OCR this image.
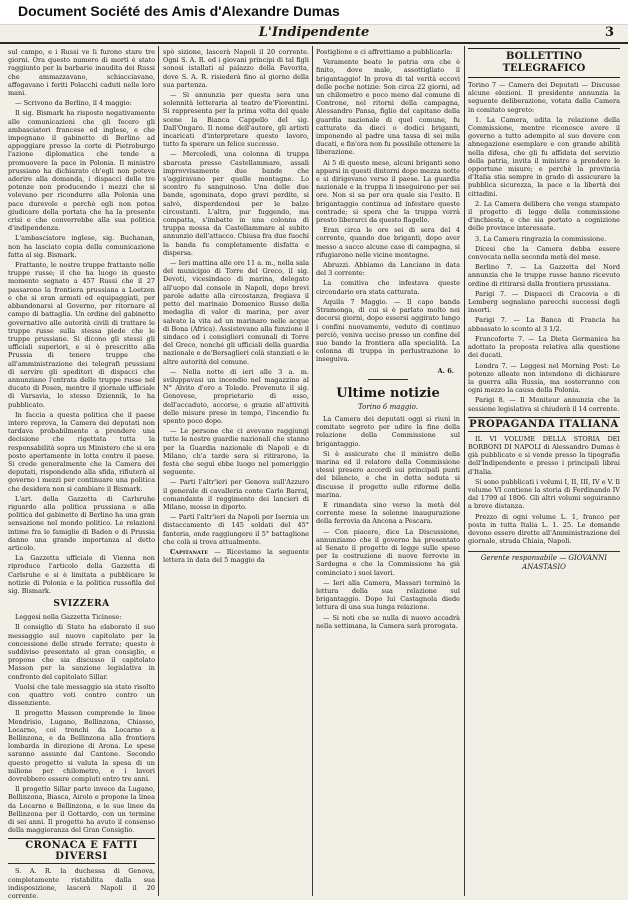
Document Société des Amis d'Alexandre Dumas
L'Indipendente	3

sul campo, e i Russi ve li furono stare tre giorni. Ora questo numero di morti è stato raggiunto per la barbarie inaudita dei Russi che ammazzavano, schiacciavano, affogavano i feriti Polacchi caduti nelle loro mani.

— Scrivono da Berlino, il 4 maggio:

Il sig. Bismark ha risposto negativamente alle comunicazioni che gli fecero gli ambasciatori francese ed inglese, e che impegnano il gabinetto di Berlino ad appoggiare presso la corte di Pietroburgo l'azione diplomatica che tende a promuovere la pace in Polonia. Il ministro prussiano ha dichiarato ch'egli non poteva aderire alla domanda, i dispacci delle tre potenze non producendo i mezzi che si volevano per ricondurre alla Polonia una pace durevole e perchè egli non potea giudicare della portata che ha la presente crisi e che converrebbe alla sua politica d'indipendenza.

L'ambasciatore inglese, sig. Buchanan, non ha lasciato copia della comunicazione fatta al sig. Bismark.

Frattanto, le nostre truppe frattanto nelle truppe russe; il che ha luogo in questo momento segnato a 457 Russi che il 27 passarono la frontiera prussiana a Loetzen e che si eran armati ed equipaggiati, per abbandonarsi al Governo, per ritornare al campo di battaglia. Un ordine del gabinetto governativo alle autorità civili di trattare le truppe russe sulla stessa piede che le truppe prussiane. Si dicono gli stessi gli ufficiali superiori, e si è prescritto alla Prussia di tenere truppe che all'amministrazione dei telegrafi prussiani di servire gli speditori di dispacci che annunziano l'entrata delle truppe russe nel ducato di Posen, mentre il giornale ufficiale di Varsavia, lo stesso Dziennik, lo ha pubblicato.

In faccia a questa politica che il paese intero reprova, la Camera dei deputati non tardava probabilmente a prendere una decisione che rigettata tutta la responsabilità sopra un Ministero che si era posto apertamente in lotta contro il paese. Si crede generalmente che la Camera dei deputati, rispondendo alla sfida, rifiuterà al governo i mezzi per continuare una politica che desidera non si cambiare il Bismark.

L'art. della Gazzetta di Carlsruhe riguardo alla politica prussiana e alla politica del gabinetto di Berlino ha una gran sensazione nel mondo politico. Le relazioni intime fra le famiglie di Baden e di Prussia danno una grande importanza al detto articolo.

La Gazzetta ufficiale di Vienna non riproduce l'articolo della Gazzetta di Carlsruhe e si è limitata a pubblicare le notizie di Polonia e la politica russofila del sig. Bismark.

SVIZZERA

Leggesi nella Gazzetta Ticinese:

Il consiglio di Stato ha elaborato il suo messaggio sul nuovo capitolato per la concessione delle strade ferrate; questo è suddiviso presentato al gran consiglio, e propone che sia discusso il capitolato Masson per la sanzione legislativa in confronto del capitolato Sillar.

Vuolsi che tale messaggio sia stato risolto con quattro voti contro contro un dissenziente.

Il progetto Masson comprende le linee Mendrisio, Lugano, Bellinzona, Chiasso, Locarno, coi tronchi da Locarno a Bellinzona, e da Bellinzona alla frontiera lombarda in direzione di Arona. Le spese saranno assunte dal Cantone. Secondo questo progetto si valuta la spesa di un milione per chilometro, e i lavori dovrebbero essere compiuti entro tre anni.

Il progetto Sillar parte invece da Lugano, Bellinzona, Biasca, Airolo e propone la linea da Locarno e Bellinzona, e le sue linee da Bellinzona per il Gottardo, con un termine di sei anni. Il progetto ha avuto il consenso della maggioranza del Gran Consiglio.

CRONACA E FATTI DIVERSI

S. A. R. la duchessa di Genova, completamente ristabilita dalla sua indisposizione, lascerà Napoli il 20 corrente.

spò sizione, lascerà Napoli il 20 corrente. Ogni S. A. R. ed i giovani principi di tal figli sonosi istallati al palazzo della Favorita, dove S. A. R. risiederà fino al giorno della sua partenza.

— Si annunzia per questa sera una solennità letteraria al teatro de'Fiorentini. Si rappresenta per la prima volta del quale scene la Bianca Cappello del sig. Dall'Ongaro. Il nome dell'autore, gli artisti incaricati d'interpretare questo lavoro, tutto fa sperare un felice successo.

— Mercoledì, una colonna di truppa sbarcata presso Castellammare, assalì improvvisamente due bande che s'aggiravano per quelle montagne. Lo scontro fu sanguinoso. Una delle due bande, sgominata, dopo gravi perdite, si salvò, disperdendosi per le balze circostanti. L'altra, pur fuggendo, ma compatta, s'imbatte in una colonna di truppa mossa da Castellammare al subito annunzio dell'attacco. Chiusa fra due fuochi la banda fu completamente disfatta e dispersa.

— Ieri mattina alle ore 11 a. m., nella sala del municipio di Torre del Greco, il sig. Devoti, vicesindaco di marina, delegato all'uopo dal console in Napoli, dopo brevi parole adatte alla circostanza, fregiava il petto del marinaio Domenico Russo della medaglia di valor di marina, per aver salvato la vita ad un marinaro nelle acque di Bona (Africa). Assistevano alla funzione il sindaco ed i consiglieri comunali di Torre del Greco, nonché gli ufficiali della guardia nazionale e de'Bersaglieri colà stanziati e le altre autorità del comune.

— Nella notte di ieri alle 3 a. m. sviluppavasi un incendio nel magazzino al N° Alvito d'oro a Toledo. Prevenuto il sig. Genovese, proprietario di esso, dell'accaduto, accorse, e grazie all'attività delle misure prese in tempo, l'incendio fu spento poco dopo.

— Le persone che ci avevano raggiungi tutte le nostre guardie nazionali che stanno per la Guardia nazionale di Napoli e di Milano, ch'a tarde sera si ritirarono, la festa che seguì ebbe luogo nel pomeriggio seguente.

— Parti l'altr'ieri per Genova sull'Azzuro il generale di cavalleria conte Carlo Barral, comandante il reggimento dei lancieri di Milano, mosso in diporto.

— Partì l'altr'ieri da Napoli per Isernia un distaccamento di 145 soldati del 45° fanteria, onde raggiungere il 5° battaglione che colà si trova attualmente.

Capitanate — Riceviamo la seguente lettera in data del 5 maggio da

Postiglione e ci affrettiamo a pubblicarla:

Veramente beate le patria ora che è finito, dove male, assottigliato il brigantaggio! In prova di tal verità eccovi delle poche notizie: Son circa 22 giorni, ad un chilometro e poco meno dal comune di Controne, nel ritorni della campagna, Alessandro Pansa, figlio del capitano della guardia nazionale di quel comune, fu catturato da dieci o dodici briganti, imponendo al padre una tassa di sei mila ducati, e fin'ora non fu possibile ottenere la liberazione.

Ai 5 di questo mese, alcuni briganti sono apparsi in questi dintorni dopo mezza notte e si dirigevano verso il paese. La guardia nazionale e la truppa li inseguirono per sei ore. Non si sa per ora quale sia l'esito. Il brigantaggio continua ad infestare queste contrade; si spera che la truppa vorrà presto liberarci da questo flagello.

Eran circa le ore sei di sera del 4 corrente, quando due briganti, dopo aver messo a sacco alcune case di campagna, si rifugiarono nelle vicine montagne.

Abruzzi. Abbiamo da Lanciano in data del 3 corrente:

La comitiva che infestava queste circondario era stata catturata.

Aquila 7 Maggio. — Il capo banda Stramonga, di cui si è parlato molto nei decorsi giorni, dopo essersi aggirato lungo i confini nuovamente, veduto di continuo perciò, veniva ucciso presso un confine del suo bando la frontiera alla specialità. La colonna di truppa in perlustrazione lo inseguiva.

A. 6.
Ultime notizie
Torino 6 maggio.

La Camera dei deputati oggi si riunì in comitato segreto per udire la fine della relazione della Commissione sul brigantaggio.

Si è assicurato che il ministro della marina ed il relatore della Commissione stessi presero accordi sui principali punti del bilancio, e che in detta seduta si discusse il progetto sulle riforme della marina.

E rimandata sino verso la metà del corrente mese la solenne inaugurazione della ferrovia da Ancona a Pescara.

— Con piacere, dice La Discussione, annunziamo che il governo ha presentato al Senato il progetto di legge sulle spese per la costruzione di nuove ferrovie in Sardegna e che la Commissione ha già cominciato i suoi lavori.

— Ieri alla Camera, Massari terminò la lettura della sua relazione sul brigantaggio. Dopo lui Castagnola diede lettura di una sua lunga relazione.

— Si noti che se nulla di nuovo accadrà nella settimana, la Camera sarà prorogata.

BOLLETTINO TELEGRAFICO

Torino 7 — Camera dei Deputati — Discusse alcune elezioni. Il presidente annunzia la seguente deliberazione, votata dalla Camera in comitato segreto:

1. La Camera, udita la relazione della Commissione, mentre riconosce avere il governo a tutto adempito al suo dovere con abnegazione esemplare e con grande abilità nella difesa, che gli fu affidata del servizio della patria, invita il ministro a prendere le opportune misure; e perchè la provincia d'Italia stia sempre in grado di assicurare la pubblica sicurezza, la pace e la libertà dei cittadini.

2. La Camera delibera che venga stampato il progetto di legge della commissione d'inchiesta, e che sia portato a cognizione delle province interessate.

3. La Camera ringrazia la commissione.

Dicesi che la Camera debba essere convocata nella seconda metà del mese.

Berlino 7. — La Gazzetta del Nord annunzia che le truppe russe hanno ricevuto ordine di ritirarsi dalla frontiera prussiana.

Parigi 7. — Dispacci di Cracovia e di Lemberg segnalano parecchi successi degli insorti.

Parigi 7. — La Banca di Francia ha abbassato lo sconto al 3 1/2.

Francoforte 7. — La Dieta Germanica ha adottato la proposta relativa alla questione dei ducati.

Londra 7. — Leggesi nel Morning Post: Le potenze alleate non intendono di dichiarare la guerra alla Russia, ma sosterranno con ogni mezzo la causa della Polonia.

Parigi 8. — Il Moniteur annunzia che la sessione legislativa si chiuderà il 14 corrente.

PROPAGANDA ITALIANA

IL VI VOLUME DELLA STORIA DEI BORBONI DI NAPOLI di Alessandro Dumas è già pubblicato e si vende presso la tipografia dell'Indipendente e presso i principali librai d'Italia.

Si sono pubblicati i volumi I, II, III, IV e V. Il volume VI contiene la storia di Ferdinando IV dal 1799 al 1806. Gli altri volumi seguiranno a breve distanza.

Prezzo di ogni volume L. 1, franco per posta in tutta Italia L. 1. 25. Le domande devono essere dirette all'Amministrazione del giornale, strada Chiaia, Napoli.

Gerente responsabile — GIOVANNI ANASTASIO
